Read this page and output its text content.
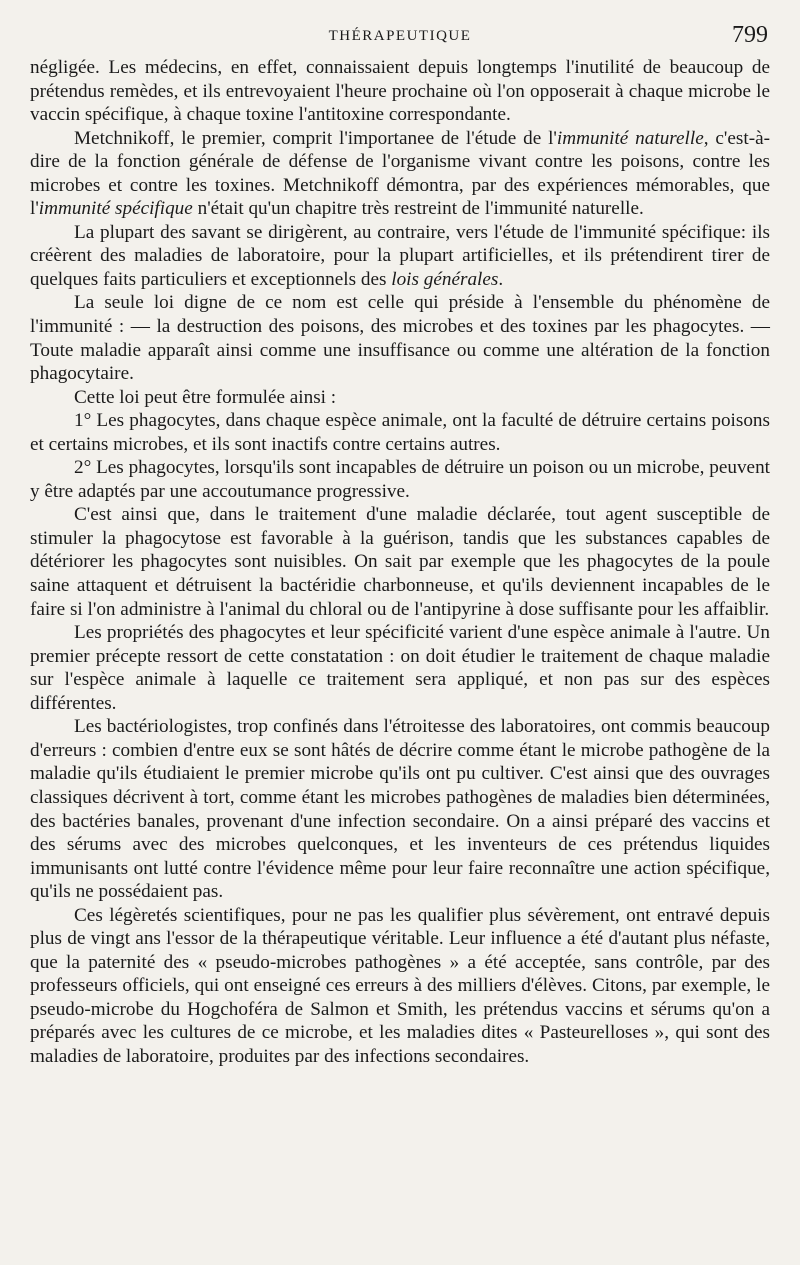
THÉRAPEUTIQUE	799

négligée. Les médecins, en effet, connaissaient depuis longtemps l'inutilité de beaucoup de prétendus remèdes, et ils entrevoyaient l'heure prochaine où l'on opposerait à chaque microbe le vaccin spécifique, à chaque toxine l'antitoxine correspondante.

Metchnikoff, le premier, comprit l'importanee de l'étude de l'immunité naturelle, c'est-à-dire de la fonction générale de défense de l'organisme vivant contre les poisons, contre les microbes et contre les toxines. Metchnikoff démontra, par des expériences mémorables, que l'immunité spécifique n'était qu'un chapitre très restreint de l'immunité naturelle.

La plupart des savant se dirigèrent, au contraire, vers l'étude de l'immunité spécifique: ils créèrent des maladies de laboratoire, pour la plupart artificielles, et ils prétendirent tirer de quelques faits particuliers et exceptionnels des lois générales.

La seule loi digne de ce nom est celle qui préside à l'ensemble du phénomène de l'immunité : — la destruction des poisons, des microbes et des toxines par les phagocytes. — Toute maladie apparaît ainsi comme une insuffisance ou comme une altération de la fonction phagocytaire.

Cette loi peut être formulée ainsi :

1° Les phagocytes, dans chaque espèce animale, ont la faculté de détruire certains poisons et certains microbes, et ils sont inactifs contre certains autres.

2° Les phagocytes, lorsqu'ils sont incapables de détruire un poison ou un microbe, peuvent y être adaptés par une accoutumance progressive.

C'est ainsi que, dans le traitement d'une maladie déclarée, tout agent susceptible de stimuler la phagocytose est favorable à la guérison, tandis que les substances capables de détériorer les phagocytes sont nuisibles. On sait par exemple que les phagocytes de la poule saine attaquent et détruisent la bactéridie charbonneuse, et qu'ils deviennent incapables de le faire si l'on administre à l'animal du chloral ou de l'antipyrine à dose suffisante pour les affaiblir.

Les propriétés des phagocytes et leur spécificité varient d'une espèce animale à l'autre. Un premier précepte ressort de cette constatation : on doit étudier le traitement de chaque maladie sur l'espèce animale à laquelle ce traitement sera appliqué, et non pas sur des espèces différentes.

Les bactériologistes, trop confinés dans l'étroitesse des laboratoires, ont commis beaucoup d'erreurs : combien d'entre eux se sont hâtés de décrire comme étant le microbe pathogène de la maladie qu'ils étudiaient le premier microbe qu'ils ont pu cultiver. C'est ainsi que des ouvrages classiques décrivent à tort, comme étant les microbes pathogènes de maladies bien déterminées, des bactéries banales, provenant d'une infection secondaire. On a ainsi préparé des vaccins et des sérums avec des microbes quelconques, et les inventeurs de ces prétendus liquides immunisants ont lutté contre l'évidence même pour leur faire reconnaître une action spécifique, qu'ils ne possédaient pas.

Ces légèretés scientifiques, pour ne pas les qualifier plus sévèrement, ont entravé depuis plus de vingt ans l'essor de la thérapeutique véritable. Leur influence a été d'autant plus néfaste, que la paternité des « pseudo-microbes pathogènes » a été acceptée, sans contrôle, par des professeurs officiels, qui ont enseigné ces erreurs à des milliers d'élèves. Citons, par exemple, le pseudo-microbe du Hogchoféra de Salmon et Smith, les prétendus vaccins et sérums qu'on a préparés avec les cultures de ce microbe, et les maladies dites « Pasteurelloses », qui sont des maladies de laboratoire, produites par des infections secondaires.
